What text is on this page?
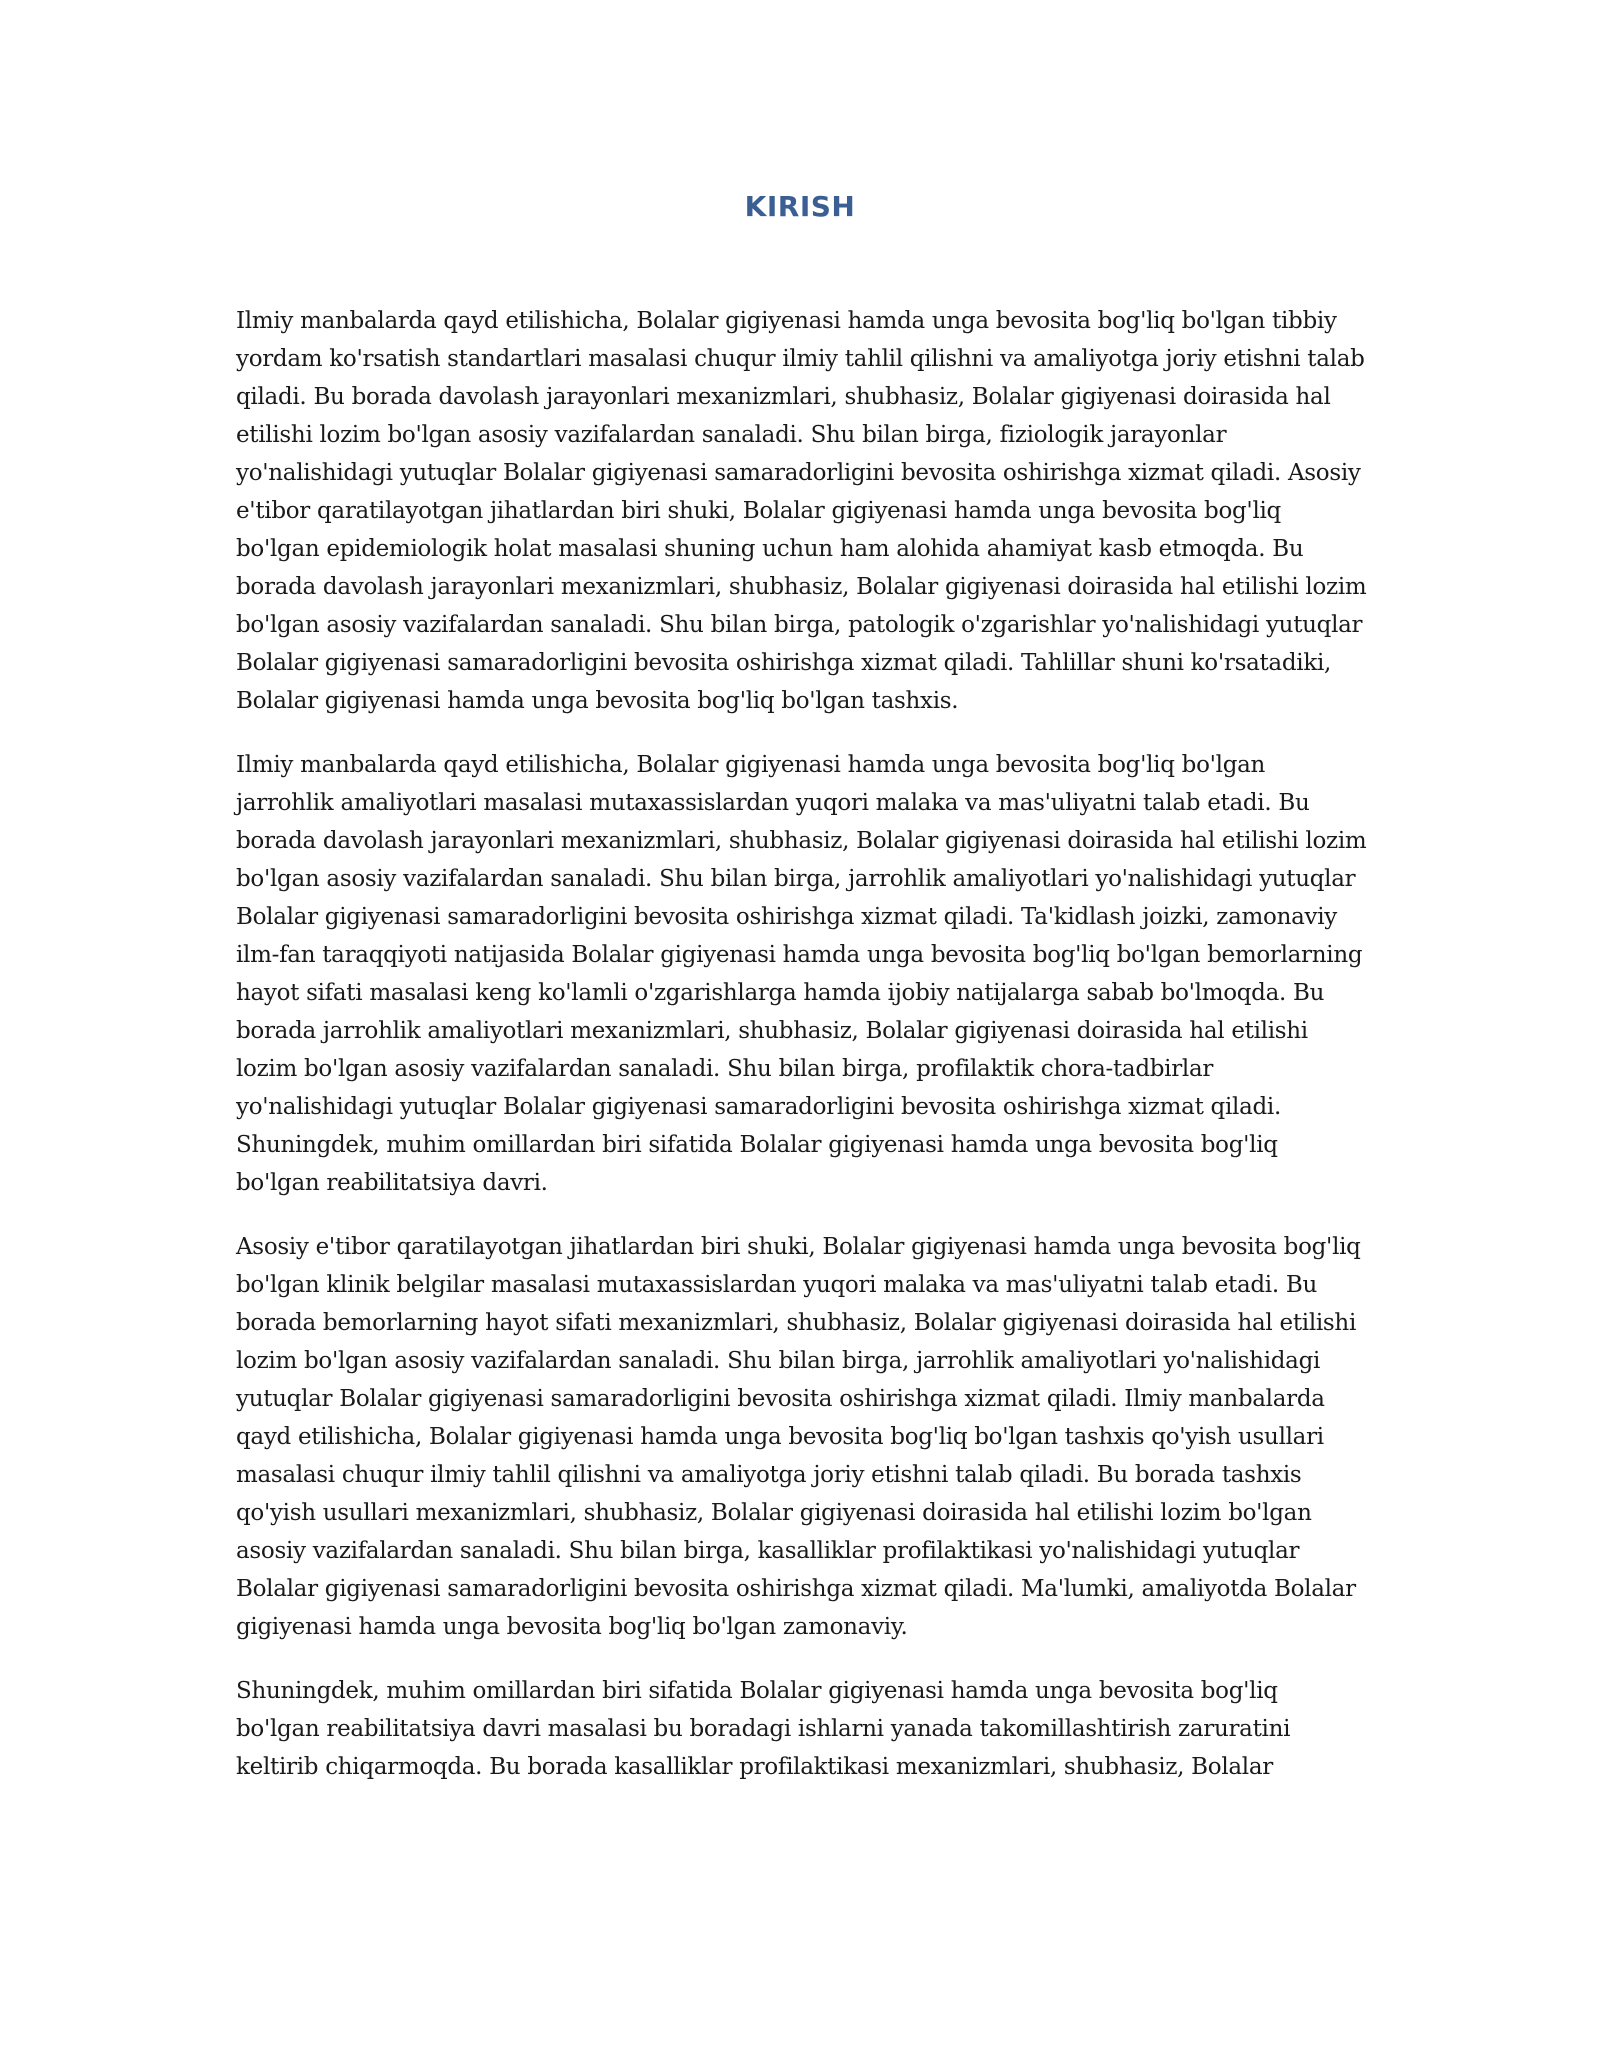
KIRISH

Ilmiy manbalarda qayd etilishicha, Bolalar gigiyenasi hamda unga bevosita bog'liq bo'lgan tibbiy yordam ko'rsatish standartlari masalasi chuqur ilmiy tahlil qilishni va amaliyotga joriy etishni talab qiladi. Bu borada davolash jarayonlari mexanizmlari, shubhasiz, Bolalar gigiyenasi doirasida hal etilishi lozim bo'lgan asosiy vazifalardan sanaladi. Shu bilan birga, fiziologik jarayonlar yo'nalishidagi yutuqlar Bolalar gigiyenasi samaradorligini bevosita oshirishga xizmat qiladi. Asosiy e'tibor qaratilayotgan jihatlardan biri shuki, Bolalar gigiyenasi hamda unga bevosita bog'liq bo'lgan epidemiologik holat masalasi shuning uchun ham alohida ahamiyat kasb etmoqda. Bu borada davolash jarayonlari mexanizmlari, shubhasiz, Bolalar gigiyenasi doirasida hal etilishi lozim bo'lgan asosiy vazifalardan sanaladi. Shu bilan birga, patologik o'zgarishlar yo'nalishidagi yutuqlar Bolalar gigiyenasi samaradorligini bevosita oshirishga xizmat qiladi. Tahlillar shuni ko'rsatadiki, Bolalar gigiyenasi hamda unga bevosita bog'liq bo'lgan tashxis.

Ilmiy manbalarda qayd etilishicha, Bolalar gigiyenasi hamda unga bevosita bog'liq bo'lgan jarrohlik amaliyotlari masalasi mutaxassislardan yuqori malaka va mas'uliyatni talab etadi. Bu borada davolash jarayonlari mexanizmlari, shubhasiz, Bolalar gigiyenasi doirasida hal etilishi lozim bo'lgan asosiy vazifalardan sanaladi. Shu bilan birga, jarrohlik amaliyotlari yo'nalishidagi yutuqlar Bolalar gigiyenasi samaradorligini bevosita oshirishga xizmat qiladi. Ta'kidlash joizki, zamonaviy ilm-fan taraqqiyoti natijasida Bolalar gigiyenasi hamda unga bevosita bog'liq bo'lgan bemorlarning hayot sifati masalasi keng ko'lamli o'zgarishlarga hamda ijobiy natijalarga sabab bo'lmoqda. Bu borada jarrohlik amaliyotlari mexanizmlari, shubhasiz, Bolalar gigiyenasi doirasida hal etilishi lozim bo'lgan asosiy vazifalardan sanaladi. Shu bilan birga, profilaktik chora-tadbirlar yo'nalishidagi yutuqlar Bolalar gigiyenasi samaradorligini bevosita oshirishga xizmat qiladi. Shuningdek, muhim omillardan biri sifatida Bolalar gigiyenasi hamda unga bevosita bog'liq bo'lgan reabilitatsiya davri.

Asosiy e'tibor qaratilayotgan jihatlardan biri shuki, Bolalar gigiyenasi hamda unga bevosita bog'liq bo'lgan klinik belgilar masalasi mutaxassislardan yuqori malaka va mas'uliyatni talab etadi. Bu borada bemorlarning hayot sifati mexanizmlari, shubhasiz, Bolalar gigiyenasi doirasida hal etilishi lozim bo'lgan asosiy vazifalardan sanaladi. Shu bilan birga, jarrohlik amaliyotlari yo'nalishidagi yutuqlar Bolalar gigiyenasi samaradorligini bevosita oshirishga xizmat qiladi. Ilmiy manbalarda qayd etilishicha, Bolalar gigiyenasi hamda unga bevosita bog'liq bo'lgan tashxis qo'yish usullari masalasi chuqur ilmiy tahlil qilishni va amaliyotga joriy etishni talab qiladi. Bu borada tashxis qo'yish usullari mexanizmlari, shubhasiz, Bolalar gigiyenasi doirasida hal etilishi lozim bo'lgan asosiy vazifalardan sanaladi. Shu bilan birga, kasalliklar profilaktikasi yo'nalishidagi yutuqlar Bolalar gigiyenasi samaradorligini bevosita oshirishga xizmat qiladi. Ma'lumki, amaliyotda Bolalar gigiyenasi hamda unga bevosita bog'liq bo'lgan zamonaviy.

Shuningdek, muhim omillardan biri sifatida Bolalar gigiyenasi hamda unga bevosita bog'liq bo'lgan reabilitatsiya davri masalasi bu boradagi ishlarni yanada takomillashtirish zaruratini keltirib chiqarmoqda. Bu borada kasalliklar profilaktikasi mexanizmlari, shubhasiz, Bolalar
